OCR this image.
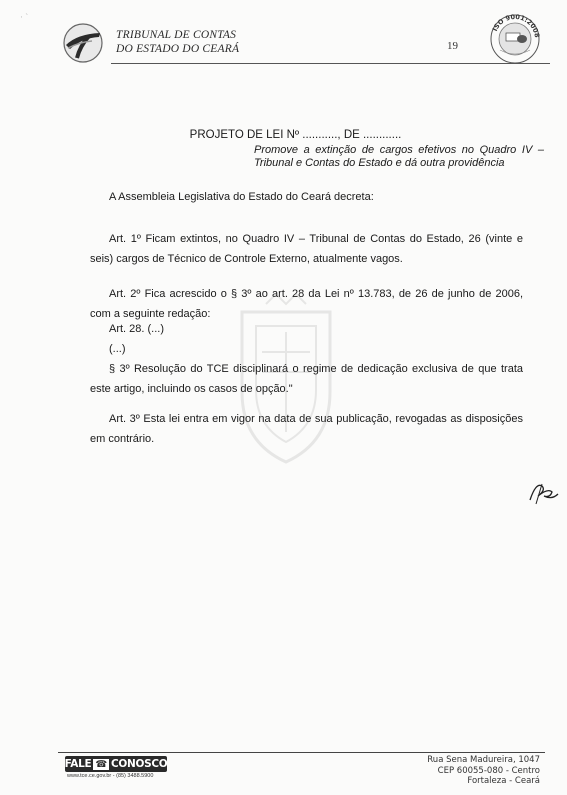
· `
TRIBUNAL DE CONTAS
DO ESTADO DO CEARÁ	19
ISO 9001:2008
PROJETO DE LEI Nº ..........., DE ............
Promove a extinção de cargos efetivos no Quadro IV – Tribunal e Contas do Estado e dá outra providência
A Assembleia Legislativa do Estado do Ceará decreta:
Art. 1º Ficam extintos, no Quadro IV – Tribunal de Contas do Estado, 26 (vinte e seis) cargos de Técnico de Controle Externo, atualmente vagos.
Art. 2º Fica acrescido o § 3º ao art. 28 da Lei nº 13.783, de 26 de junho de 2006, com a seguinte redação:
Art. 28. (...)
(...)
§ 3º Resolução do TCE disciplinará o regime de dedicação exclusiva de que trata este artigo, incluindo os casos de opção."
Art. 3º Esta lei entra em vigor na data de sua publicação, revogadas as disposições em contrário.
FALE ☎ CONOSCO
www.tce.ce.gov.br - (85) 3488.5900
Rua Sena Madureira, 1047
CEP 60055-080 - Centro
Fortaleza - Ceará
